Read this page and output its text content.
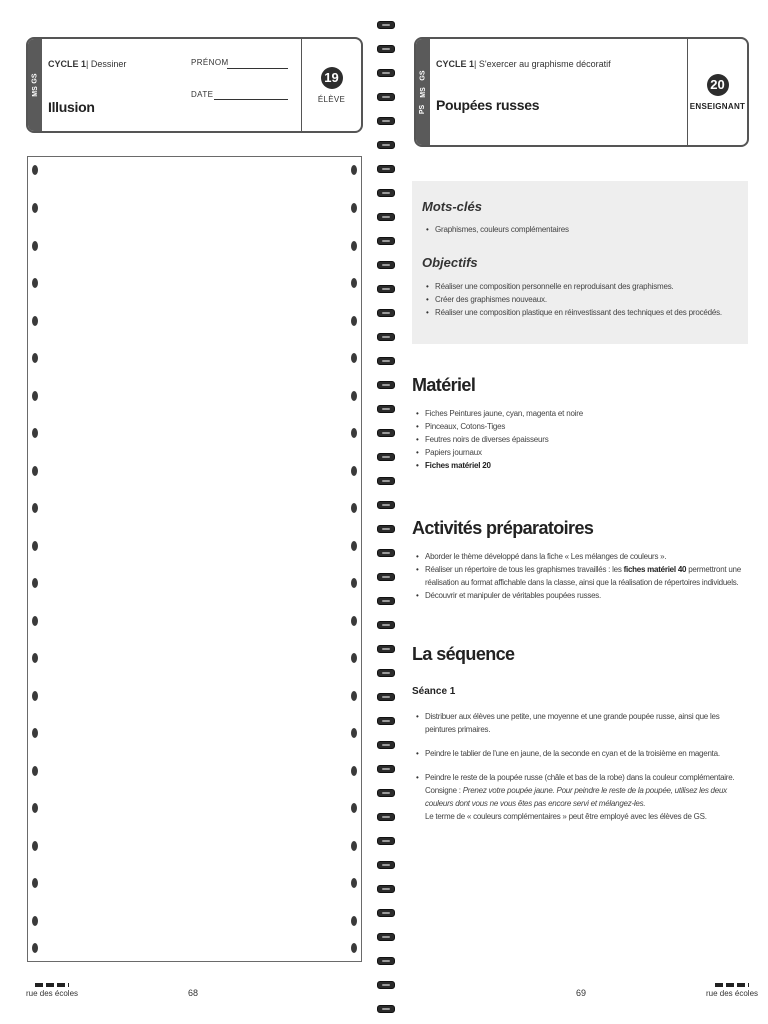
GS
MS
CYCLE 1| Dessiner
Illusion
PRÉNOM
DATE
19
ÉLÈVE
rue des écoles	68
GS
MS
PS
CYCLE 1| S'exercer au graphisme décoratif
Poupées russes
20
ENSEIGNANT
Mots-clés
• Graphismes, couleurs complémentaires
Objectifs
• Réaliser une composition personnelle en reproduisant des graphismes.
• Créer des graphismes nouveaux.
• Réaliser une composition plastique en réinvestissant des techniques et des procédés.
Matériel
• Fiches Peintures jaune, cyan, magenta et noire
• Pinceaux, Cotons-Tiges
• Feutres noirs de diverses épaisseurs
• Papiers journaux
• Fiches matériel 20
Activités préparatoires
• Aborder le thème développé dans la fiche « Les mélanges de couleurs ».
• Réaliser un répertoire de tous les graphismes travaillés : les fiches matériel 40 permettront une réalisation au format affichable dans la classe, ainsi que la réalisation de répertoires individuels.
• Découvrir et manipuler de véritables poupées russes.
La séquence
Séance 1
• Distribuer aux élèves une petite, une moyenne et une grande poupée russe, ainsi que les peintures primaires.
• Peindre le tablier de l'une en jaune, de la seconde en cyan et de la troisième en magenta.
• Peindre le reste de la poupée russe (châle et bas de la robe) dans la couleur complémentaire.
Consigne : Prenez votre poupée jaune. Pour peindre le reste de la poupée, utilisez les deux couleurs dont vous ne vous êtes pas encore servi et mélangez-les.
Le terme de « couleurs complémentaires » peut être employé avec les élèves de GS.
69	rue des écoles
